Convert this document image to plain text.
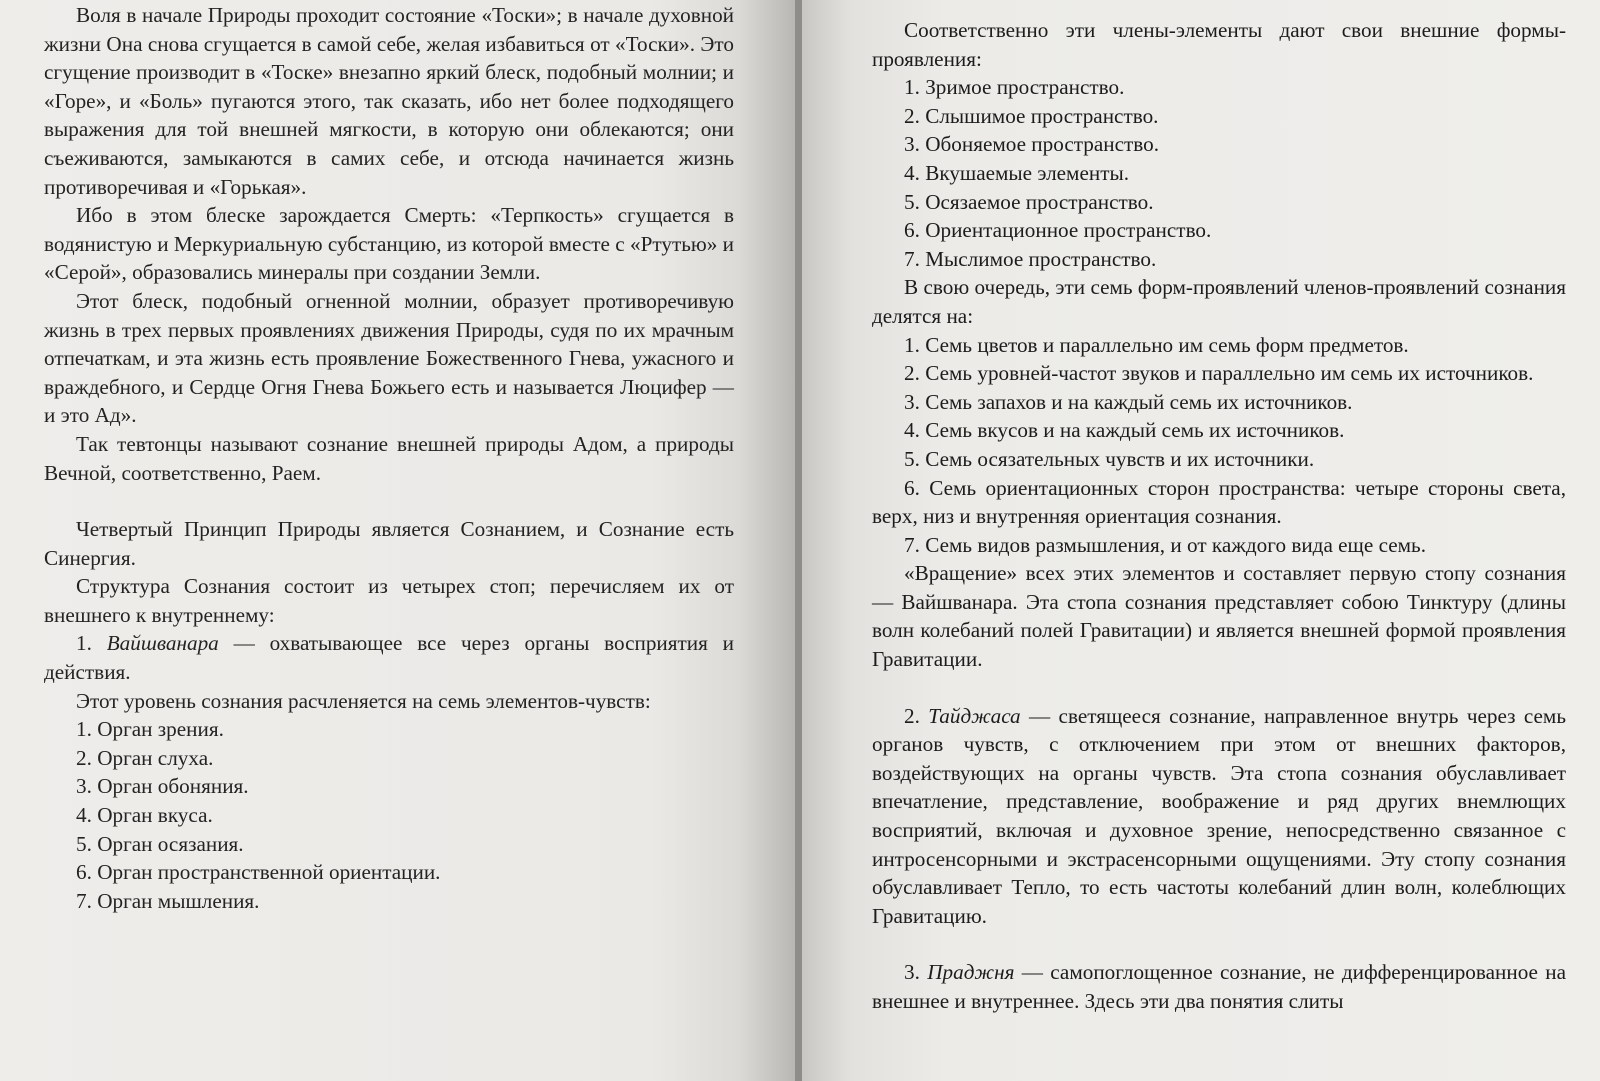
Воля в начале Природы проходит состояние «Тоски»; в начале духовной жизни Она снова сгущается в самой себе, желая избавиться от «Тоски». Это сгущение производит в «Тоске» внезапно яркий блеск, подобный молнии; и «Горе», и «Боль» пугаются этого, так сказать, ибо нет более подходящего выражения для той внешней мягкости, в которую они облекаются; они съеживаются, замыкаются в самих себе, и отсюда начинается жизнь противоречивая и «Горькая».

Ибо в этом блеске зарождается Смерть: «Терпкость» сгущается в водянистую и Меркуриальную субстанцию, из которой вместе с «Ртутью» и «Серой», образовались минералы при создании Земли.

Этот блеск, подобный огненной молнии, образует противоречивую жизнь в трех первых проявлениях движения Природы, судя по их мрачным отпечаткам, и эта жизнь есть проявление Божественного Гнева, ужасного и враждебного, и Сердце Огня Гнева Божьего есть и называется Люцифер — и это Ад».

Так тевтонцы называют сознание внешней природы Адом, а природы Вечной, соответственно, Раем.

Четвертый Принцип Природы является Сознанием, и Сознание есть Синергия.

Структура Сознания состоит из четырех стоп; перечисляем их от внешнего к внутреннему:

1. Вайшванара — охватывающее все через органы восприятия и действия.

Этот уровень сознания расчленяется на семь элементов-чувств:

1. Орган зрения.
2. Орган слуха.
3. Орган обоняния.
4. Орган вкуса.
5. Орган осязания.
6. Орган пространственной ориентации.
7. Орган мышления.

Соответственно эти члены-элементы дают свои внешние формы-проявления:

1. Зримое пространство.
2. Слышимое пространство.
3. Обоняемое пространство.
4. Вкушаемые элементы.
5. Осязаемое пространство.
6. Ориентационное пространство.
7. Мыслимое пространство.

В свою очередь, эти семь форм-проявлений членов-проявлений сознания делятся на:

1. Семь цветов и параллельно им семь форм предметов.

2. Семь уровней-частот звуков и параллельно им семь их источников.

3. Семь запахов и на каждый семь их источников.

4. Семь вкусов и на каждый семь их источников.

5. Семь осязательных чувств и их источники.

6. Семь ориентационных сторон пространства: четыре стороны света, верх, низ и внутренняя ориентация сознания.

7. Семь видов размышления, и от каждого вида еще семь.

«Вращение» всех этих элементов и составляет первую стопу сознания — Вайшванара. Эта стопа сознания представляет собою Тинктуру (длины волн колебаний полей Гравитации) и является внешней формой проявления Гравитации.

2. Тайджаса — светящееся сознание, направленное внутрь через семь органов чувств, с отключением при этом от внешних факторов, воздействующих на органы чувств. Эта стопа сознания обуславливает впечатление, представление, воображение и ряд других внемлющих восприятий, включая и духовное зрение, непосредственно связанное с интросенсорными и экстрасенсорными ощущениями. Эту стопу сознания обуславливает Тепло, то есть частоты колебаний длин волн, колеблющих Гравитацию.

3. Праджня — самопоглощенное сознание, не дифференцированное на внешнее и внутреннее. Здесь эти два понятия слиты
